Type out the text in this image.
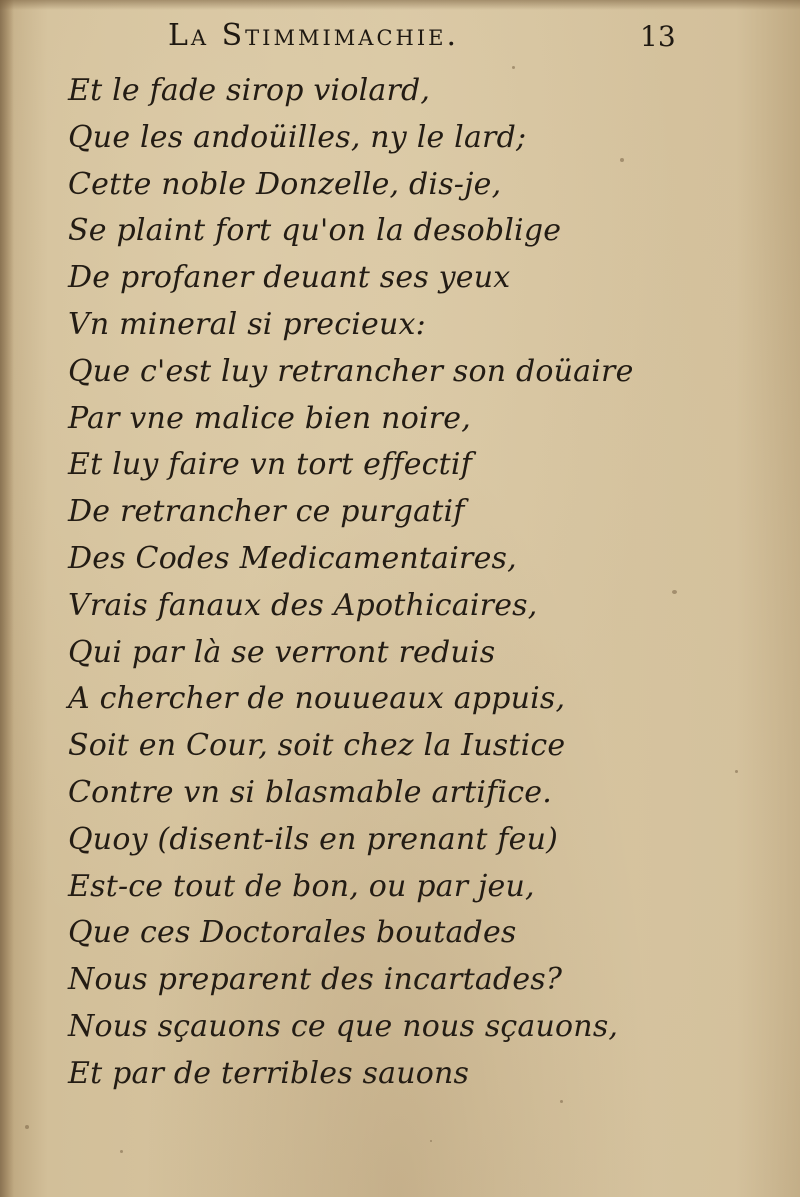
La Stimmimachie.	13
Et le fade sirop violard,
Que les andoüilles, ny le lard;
Cette noble Donzelle, dis-je,
Se plaint fort qu'on la desoblige
De profaner deuant ses yeux
Vn mineral si precieux:
Que c'est luy retrancher son doüaire
Par vne malice bien noire,
Et luy faire vn tort effectif
De retrancher ce purgatif
Des Codes Medicamentaires,
Vrais fanaux des Apothicaires,
Qui par là se verront reduis
A chercher de nouueaux appuis,
Soit en Cour, soit chez la Iustice
Contre vn si blasmable artifice.
Quoy (disent-ils en prenant feu)
Est-ce tout de bon, ou par jeu,
Que ces Doctorales boutades
Nous preparent des incartades?
Nous sçauons ce que nous sçauons,
Et par de terribles sauons
